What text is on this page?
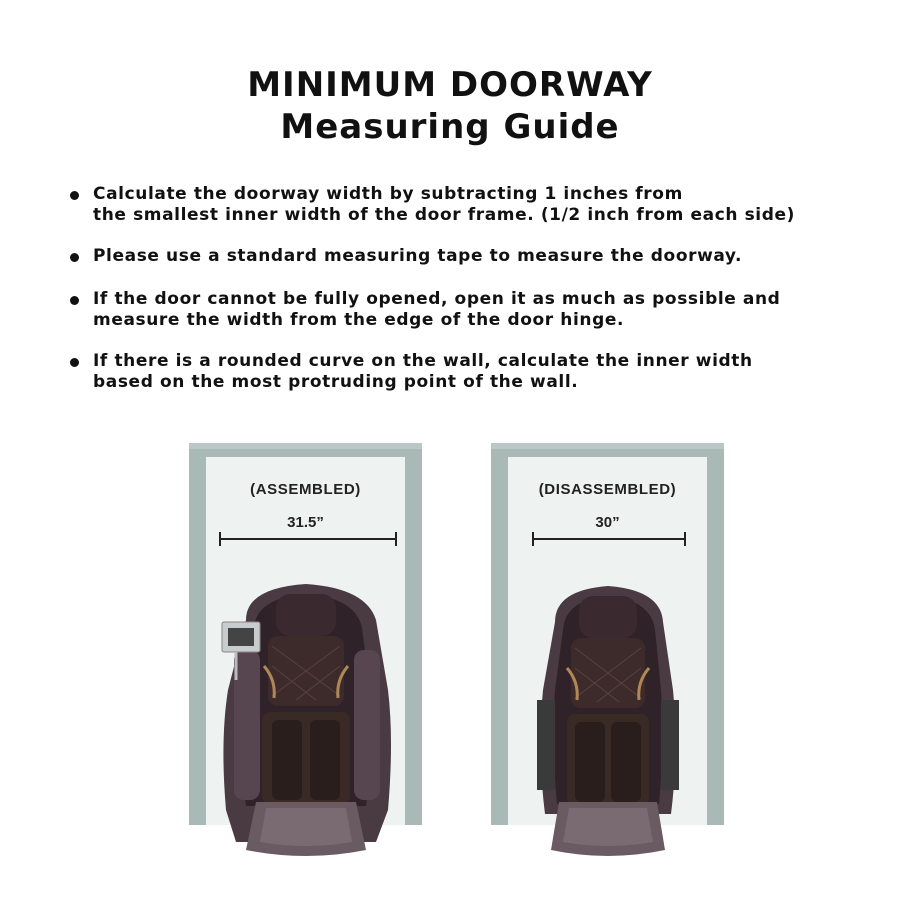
MINIMUM DOORWAY
Measuring Guide
Calculate the doorway width by subtracting 1 inches from
the smallest inner width of the door frame. (1/2 inch from each side)
Please use a standard measuring tape to measure the doorway.
If the door cannot be fully opened, open it as much as possible and
measure the width from the edge of the door hinge.
If there is a rounded curve on the wall, calculate the inner width
based on the most protruding point of the wall.
(ASSEMBLED)
31.5”
(DISASSEMBLED)
30”
